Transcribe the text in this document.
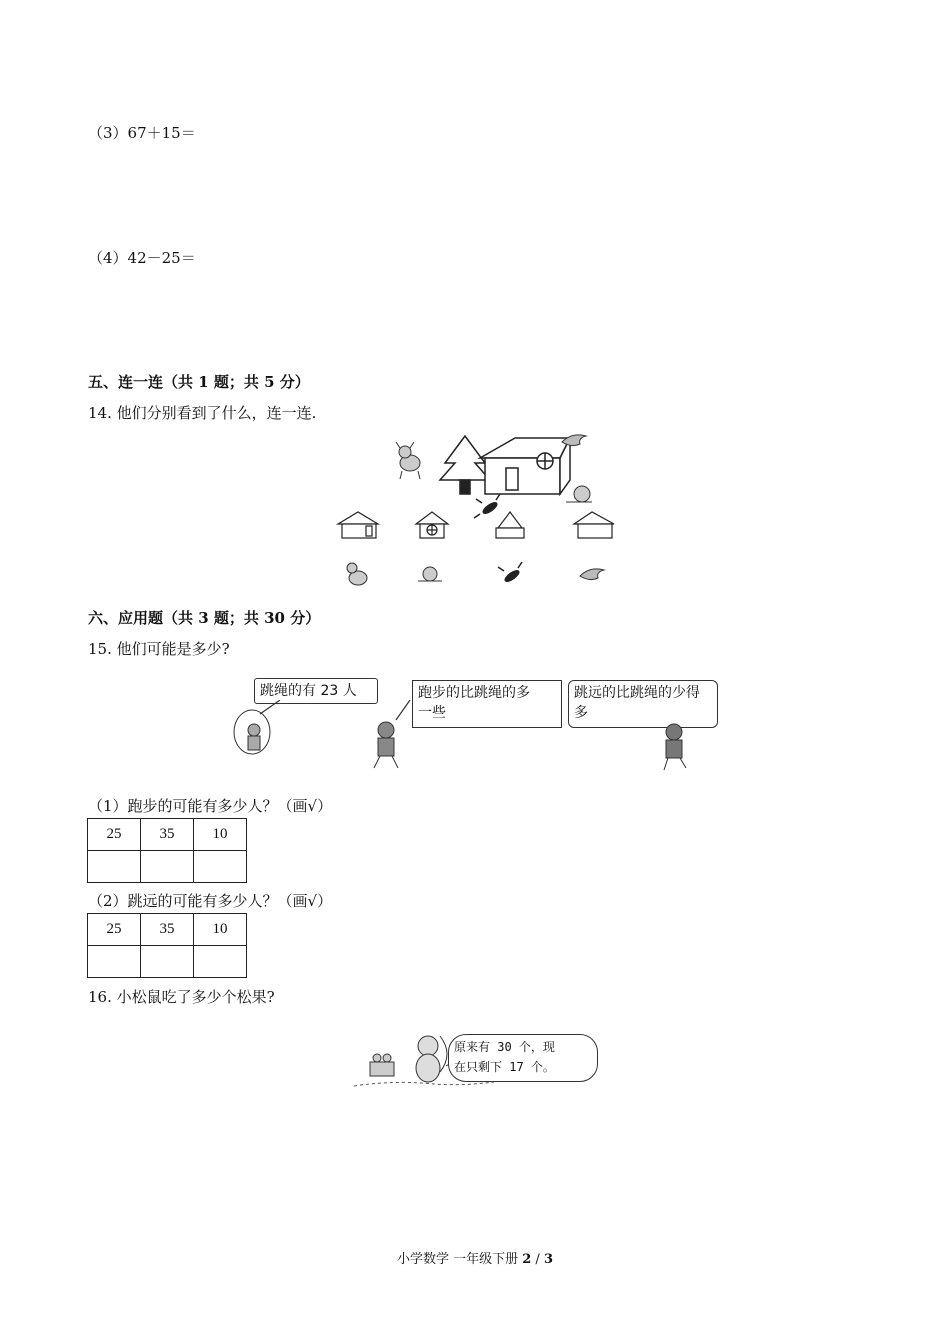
（3）67＋15＝
（4）42－25＝
五、连一连（共 1 题；共 5 分）
14. 他们分别看到了什么，连一连.
六、应用题（共 3 题；共 30 分）
15. 他们可能是多少?
跳绳的有 23 人	跑步的比跳绳的多
一些
跳远的比跳绳的少得
多
（1）跑步的可能有多少人？（画√）
25	35	10

（2）跳远的可能有多少人？（画√）
25	35	10

16. 小松鼠吃了多少个松果?
原来有 30 个，现
在只剩下 17 个。
小学数学 一年级下册 2 / 3
